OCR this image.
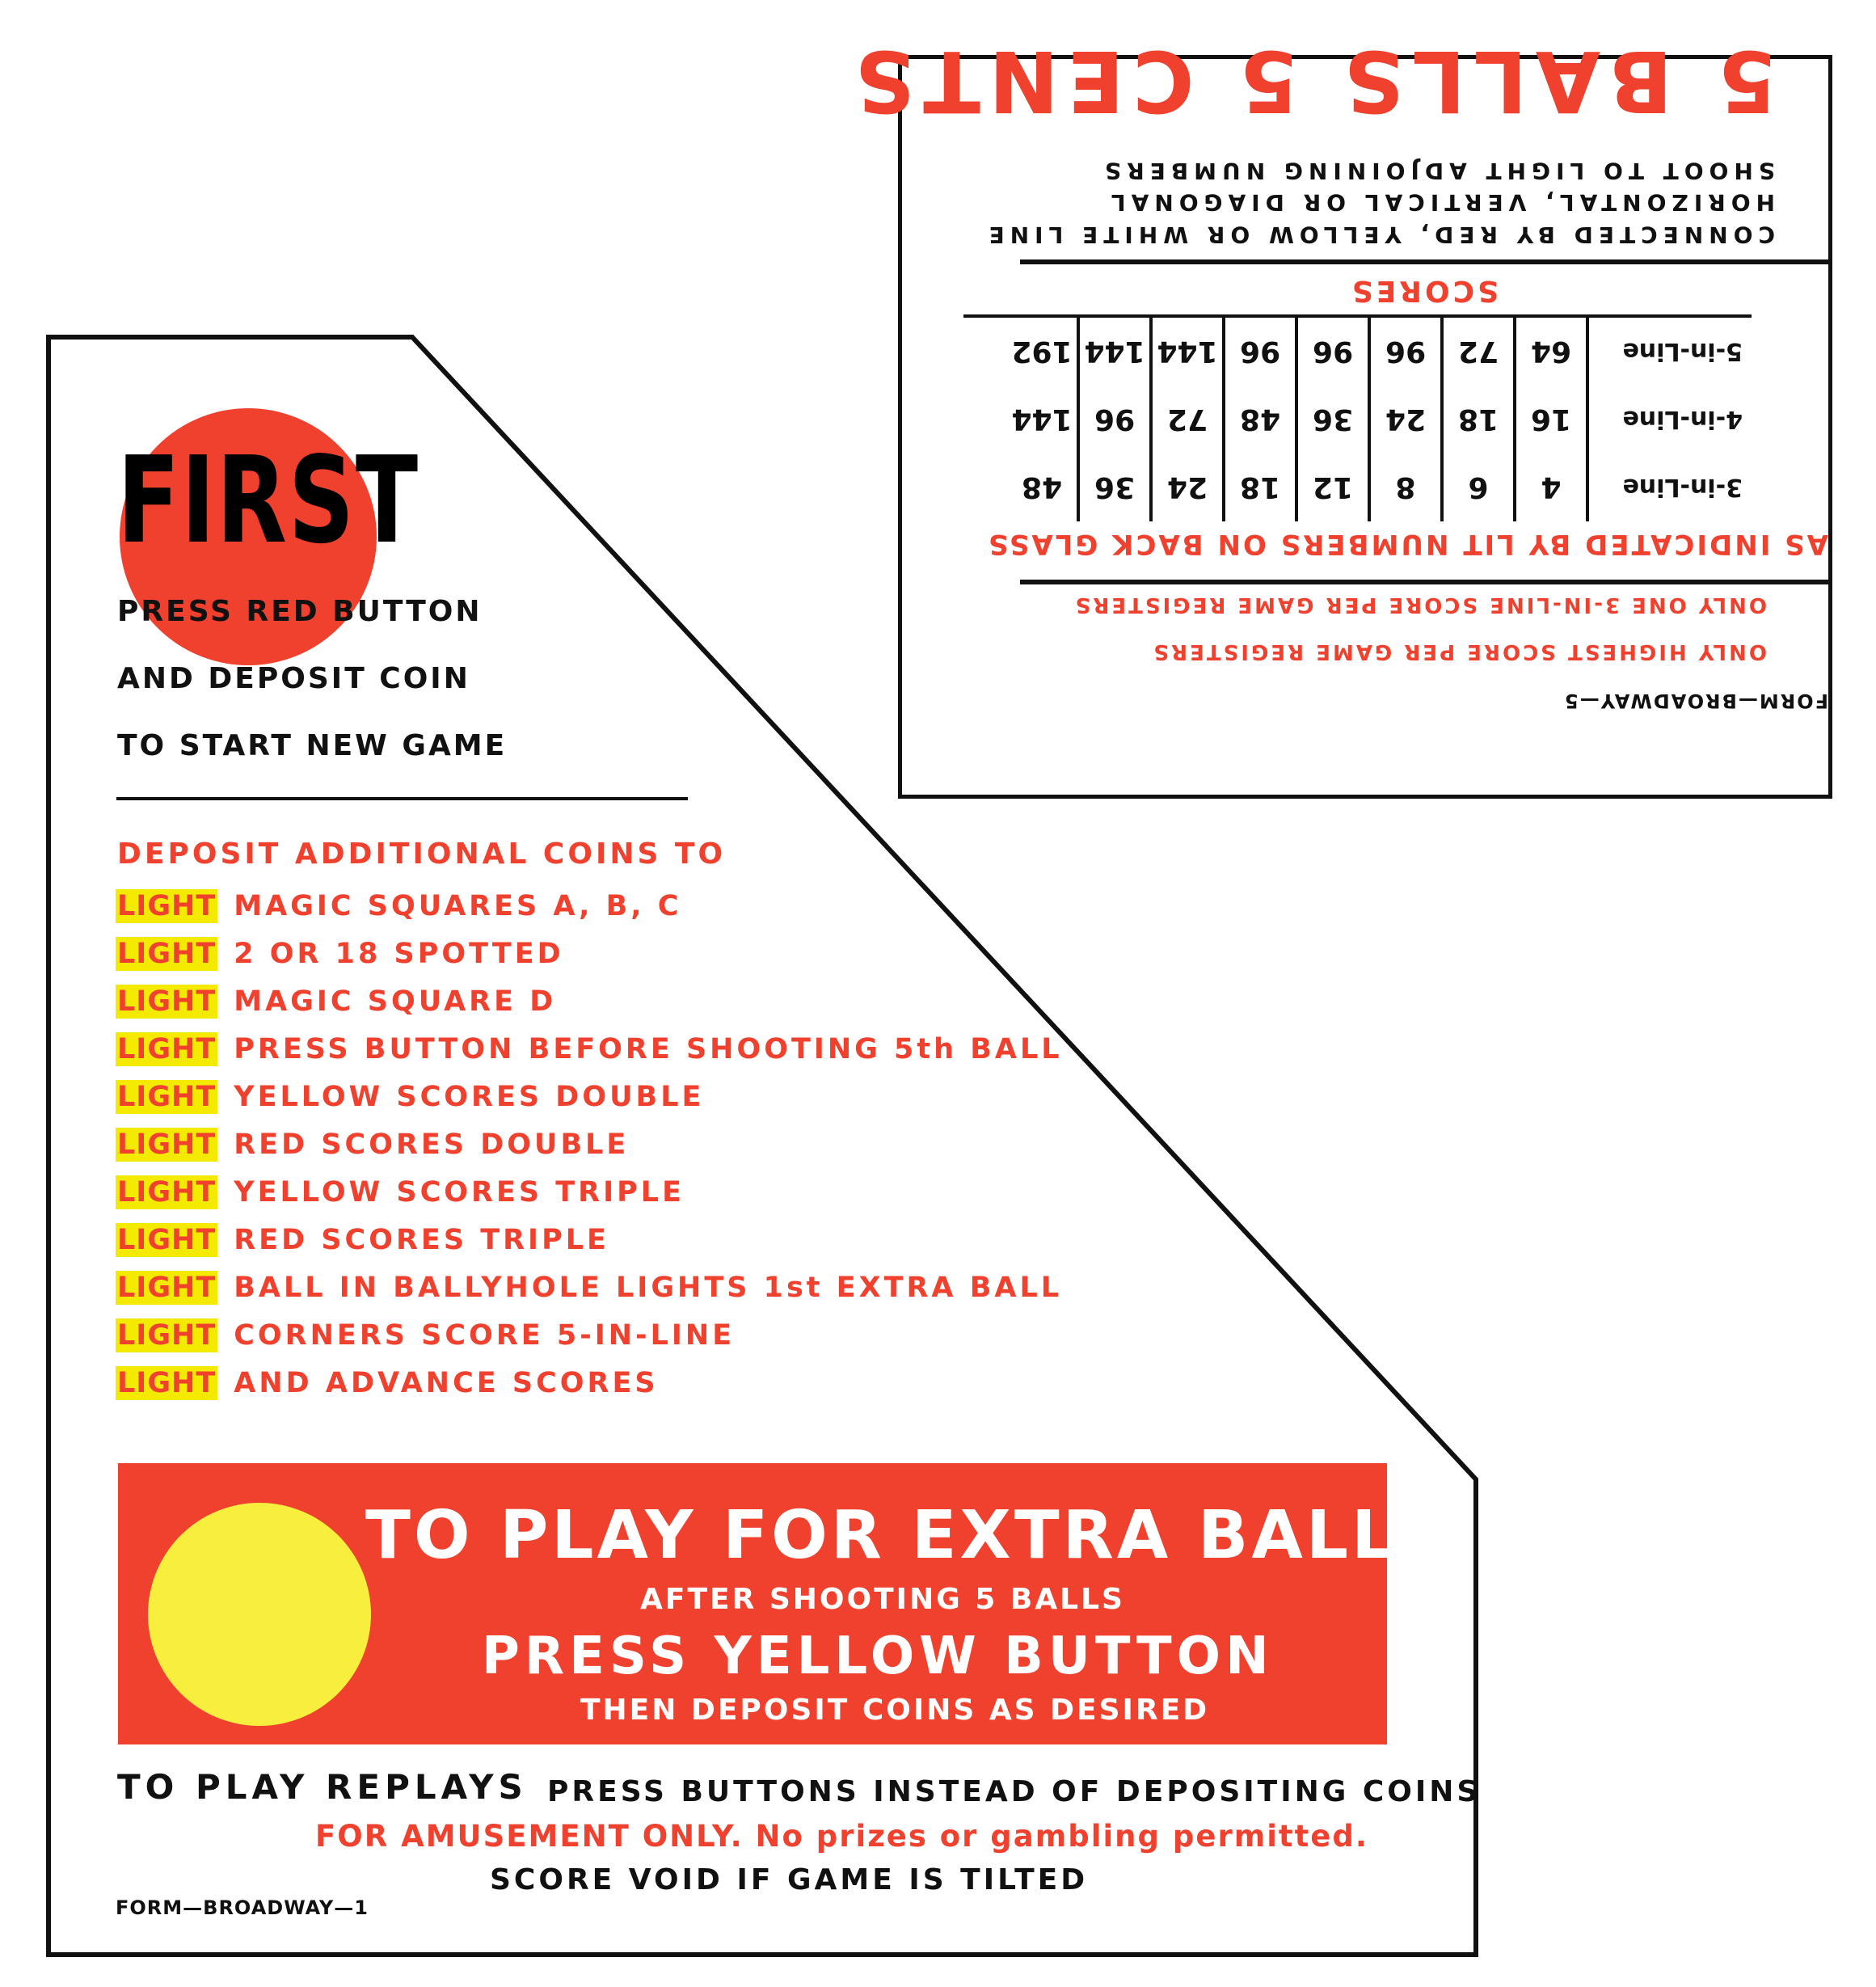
FIRST
PRESS RED BUTTON
AND DEPOSIT COIN
TO START NEW GAME
DEPOSIT ADDITIONAL COINS TO
LIGHT MAGIC SQUARES A, B, C
LIGHT 2 OR 18 SPOTTED
LIGHT MAGIC SQUARE D
LIGHT PRESS BUTTON BEFORE SHOOTING 5th BALL
LIGHT YELLOW SCORES DOUBLE
LIGHT RED SCORES DOUBLE
LIGHT YELLOW SCORES TRIPLE
LIGHT RED SCORES TRIPLE
LIGHT BALL IN BALLYHOLE LIGHTS 1st EXTRA BALL
LIGHT CORNERS SCORE 5-IN-LINE
LIGHT AND ADVANCE SCORES
TO PLAY FOR EXTRA BALLS
AFTER SHOOTING 5 BALLS
PRESS YELLOW BUTTON
THEN DEPOSIT COINS AS DESIRED
TO PLAY REPLAYS PRESS BUTTONS INSTEAD OF DEPOSITING COINS
FOR AMUSEMENT ONLY. No prizes or gambling permitted.
SCORE VOID IF GAME IS TILTED
FORM—BROADWAY—1
FORM—BROADWAY—5
ONLY HIGHEST SCORE PER GAME REGISTERS
ONLY ONE 3-IN-LINE SCORE PER GAME REGISTERS
AS INDICATED BY LIT NUMBERS ON BACK GLASS
3-in-Line	4	6	8	12	18	24	36	48
4-in-Line	16	18	24	36	48	72	96	144
5-in-Line	64	72	96	96	96	144	144	192
SCORES
CONNECTED BY RED, YELLOW OR WHITE LINE
HORIZONTAL, VERTICAL OR DIAGONAL
SHOOT TO LIGHT ADJOINING NUMBERS
5 BALLS 5 CENTS
